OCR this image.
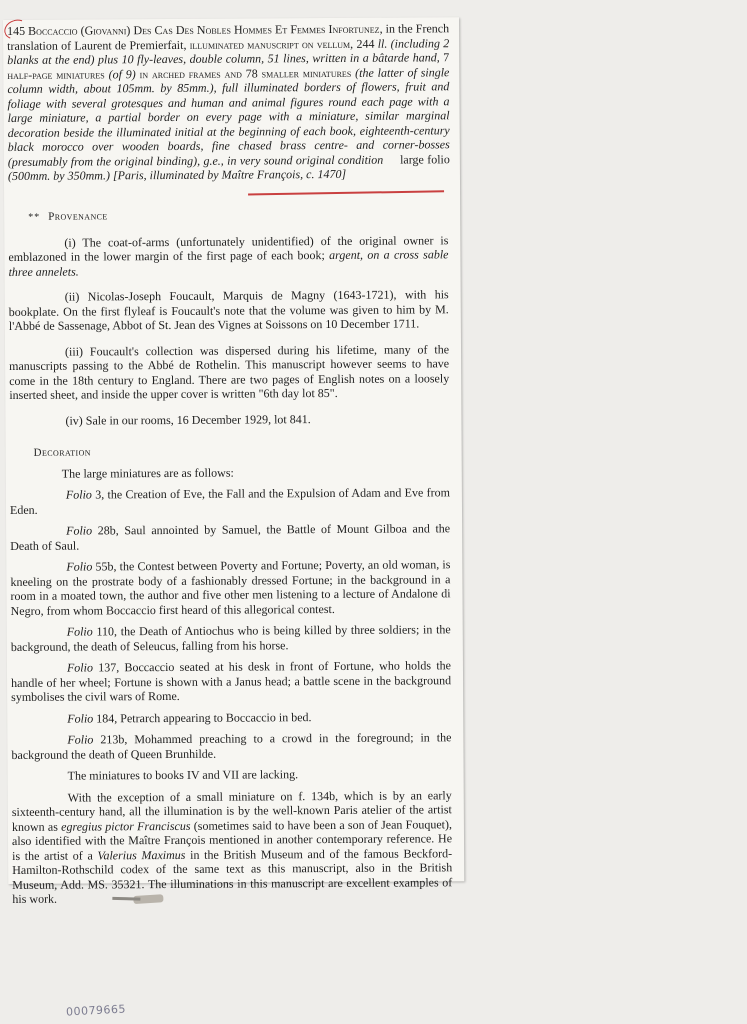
145 Boccaccio (Giovanni) Des Cas Des Nobles Hommes Et Femmes Infortunez, in the French translation of Laurent de Premierfait, illuminated manuscript on vellum, 244 ll. (including 2 blanks at the end) plus 10 fly-leaves, double column, 51 lines, written in a bâtarde hand, 7 half-page miniatures (of 9) in arched frames and 78 smaller miniatures (the latter of single column width, about 105mm. by 85mm.), full illuminated borders of flowers, fruit and foliage with several grotesques and human and animal figures round each page with a large miniature, a partial border on every page with a miniature, similar marginal decoration beside the illuminated initial at the beginning of each book, eighteenth-century black morocco over wooden boards, fine chased brass centre- and corner-bosses (presumably from the original binding), g.e., in very sound original condition large folio (500mm. by 350mm.) [Paris, illuminated by Maître François, c. 1470]

** Provenance

(i) The coat-of-arms (unfortunately unidentified) of the original owner is emblazoned in the lower margin of the first page of each book; argent, on a cross sable three annelets.

(ii) Nicolas-Joseph Foucault, Marquis de Magny (1643-1721), with his bookplate. On the first flyleaf is Foucault's note that the volume was given to him by M. l'Abbé de Sassenage, Abbot of St. Jean des Vignes at Soissons on 10 December 1711.

(iii) Foucault's collection was dispersed during his lifetime, many of the manuscripts passing to the Abbé de Rothelin. This manuscript however seems to have come in the 18th century to England. There are two pages of English notes on a loosely inserted sheet, and inside the upper cover is written "6th day lot 85".

(iv) Sale in our rooms, 16 December 1929, lot 841.

Decoration

The large miniatures are as follows:

Folio 3, the Creation of Eve, the Fall and the Expulsion of Adam and Eve from Eden.

Folio 28b, Saul annointed by Samuel, the Battle of Mount Gilboa and the Death of Saul.

Folio 55b, the Contest between Poverty and Fortune; Poverty, an old woman, is kneeling on the prostrate body of a fashionably dressed Fortune; in the background in a room in a moated town, the author and five other men listening to a lecture of Andalone di Negro, from whom Boccaccio first heard of this allegorical contest.

Folio 110, the Death of Antiochus who is being killed by three soldiers; in the background, the death of Seleucus, falling from his horse.

Folio 137, Boccaccio seated at his desk in front of Fortune, who holds the handle of her wheel; Fortune is shown with a Janus head; a battle scene in the background symbolises the civil wars of Rome.

Folio 184, Petrarch appearing to Boccaccio in bed.

Folio 213b, Mohammed preaching to a crowd in the foreground; in the background the death of Queen Brunhilde.

The miniatures to books IV and VII are lacking.

With the exception of a small miniature on f. 134b, which is by an early sixteenth-century hand, all the illumination is by the well-known Paris atelier of the artist known as egregius pictor Franciscus (sometimes said to have been a son of Jean Fouquet), also identified with the Maître François mentioned in another contemporary reference. He is the artist of a Valerius Maximus in the British Museum and of the famous Beckford-Hamilton-Rothschild codex of the same text as this manuscript, also in the British Museum, Add. MS. 35321. The illuminations in this manuscript are excellent examples of his work.

00079665
